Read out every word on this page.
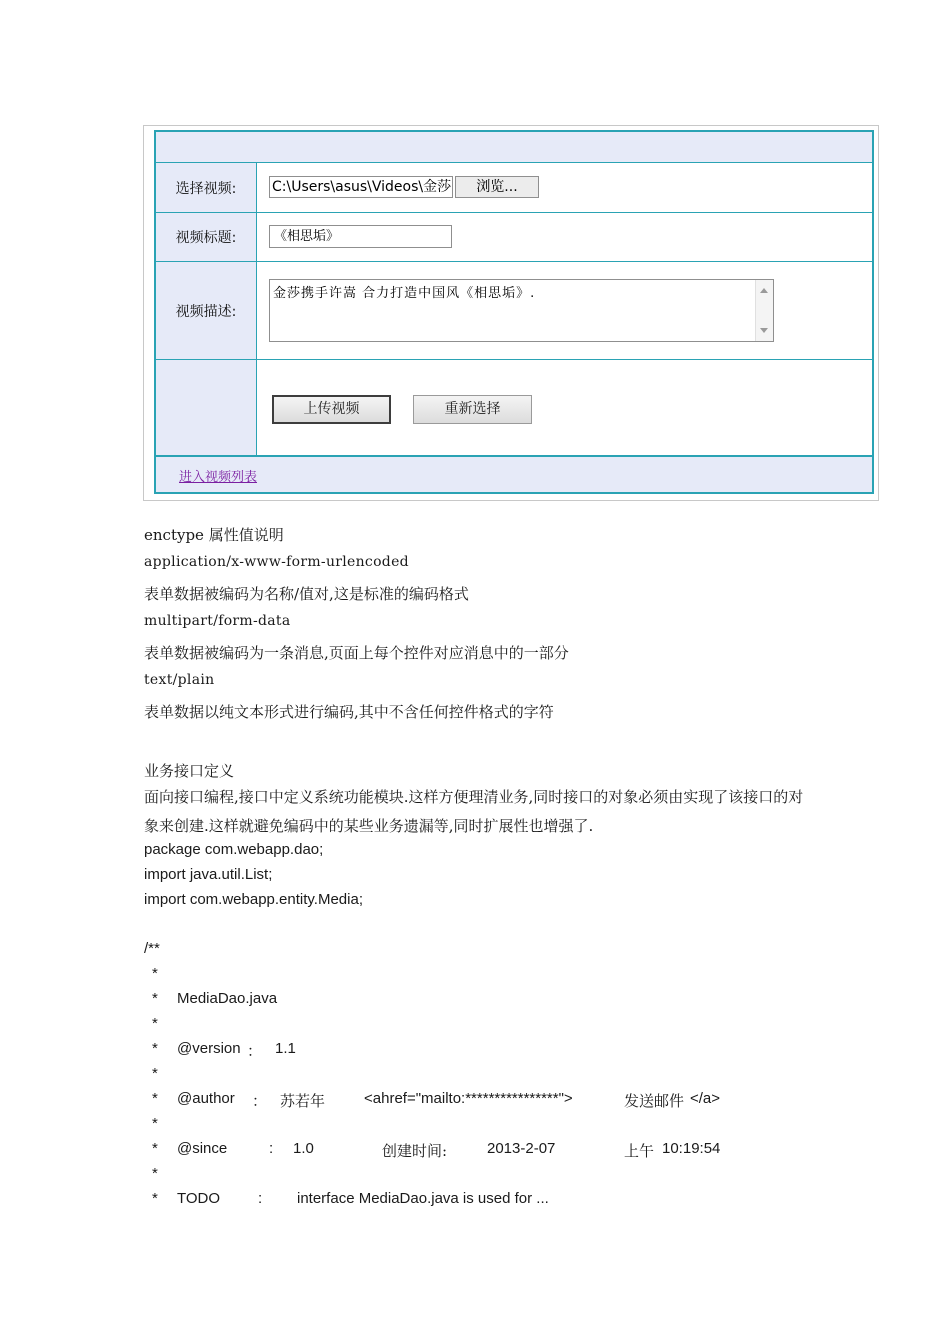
选择视频:	C:\Users\asus\Videos\金莎	浏览...
视频标题:	《相思垢》
视频描述:
金莎携手许嵩 合力打造中国风《相思垢》.
上传视频	重新选择
进入视频列表
enctype 属性值说明
application/x-www-form-urlencoded
表单数据被编码为名称/值对,这是标准的编码格式
multipart/form-data
表单数据被编码为一条消息,页面上每个控件对应消息中的一部分
text/plain
表单数据以纯文本形式进行编码,其中不含任何控件格式的字符
业务接口定义
面向接口编程,接口中定义系统功能模块.这样方便理清业务,同时接口的对象必须由实现了该接口的对象来创建.这样就避免编码中的某些业务遗漏等,同时扩展性也增强了.
package com.webapp.dao;
import java.util.List;
import com.webapp.entity.Media;
/**
*
* MediaDao.java
*
* @version ： 1.1
*
* @author ： 苏若年	<ahref="mailto:****************">	发送邮件 </a>
*
* @since	: 1.0	创建时间:	2013-2-07	上午 10:19:54
*
* TODO	: interface MediaDao.java is used for ...
